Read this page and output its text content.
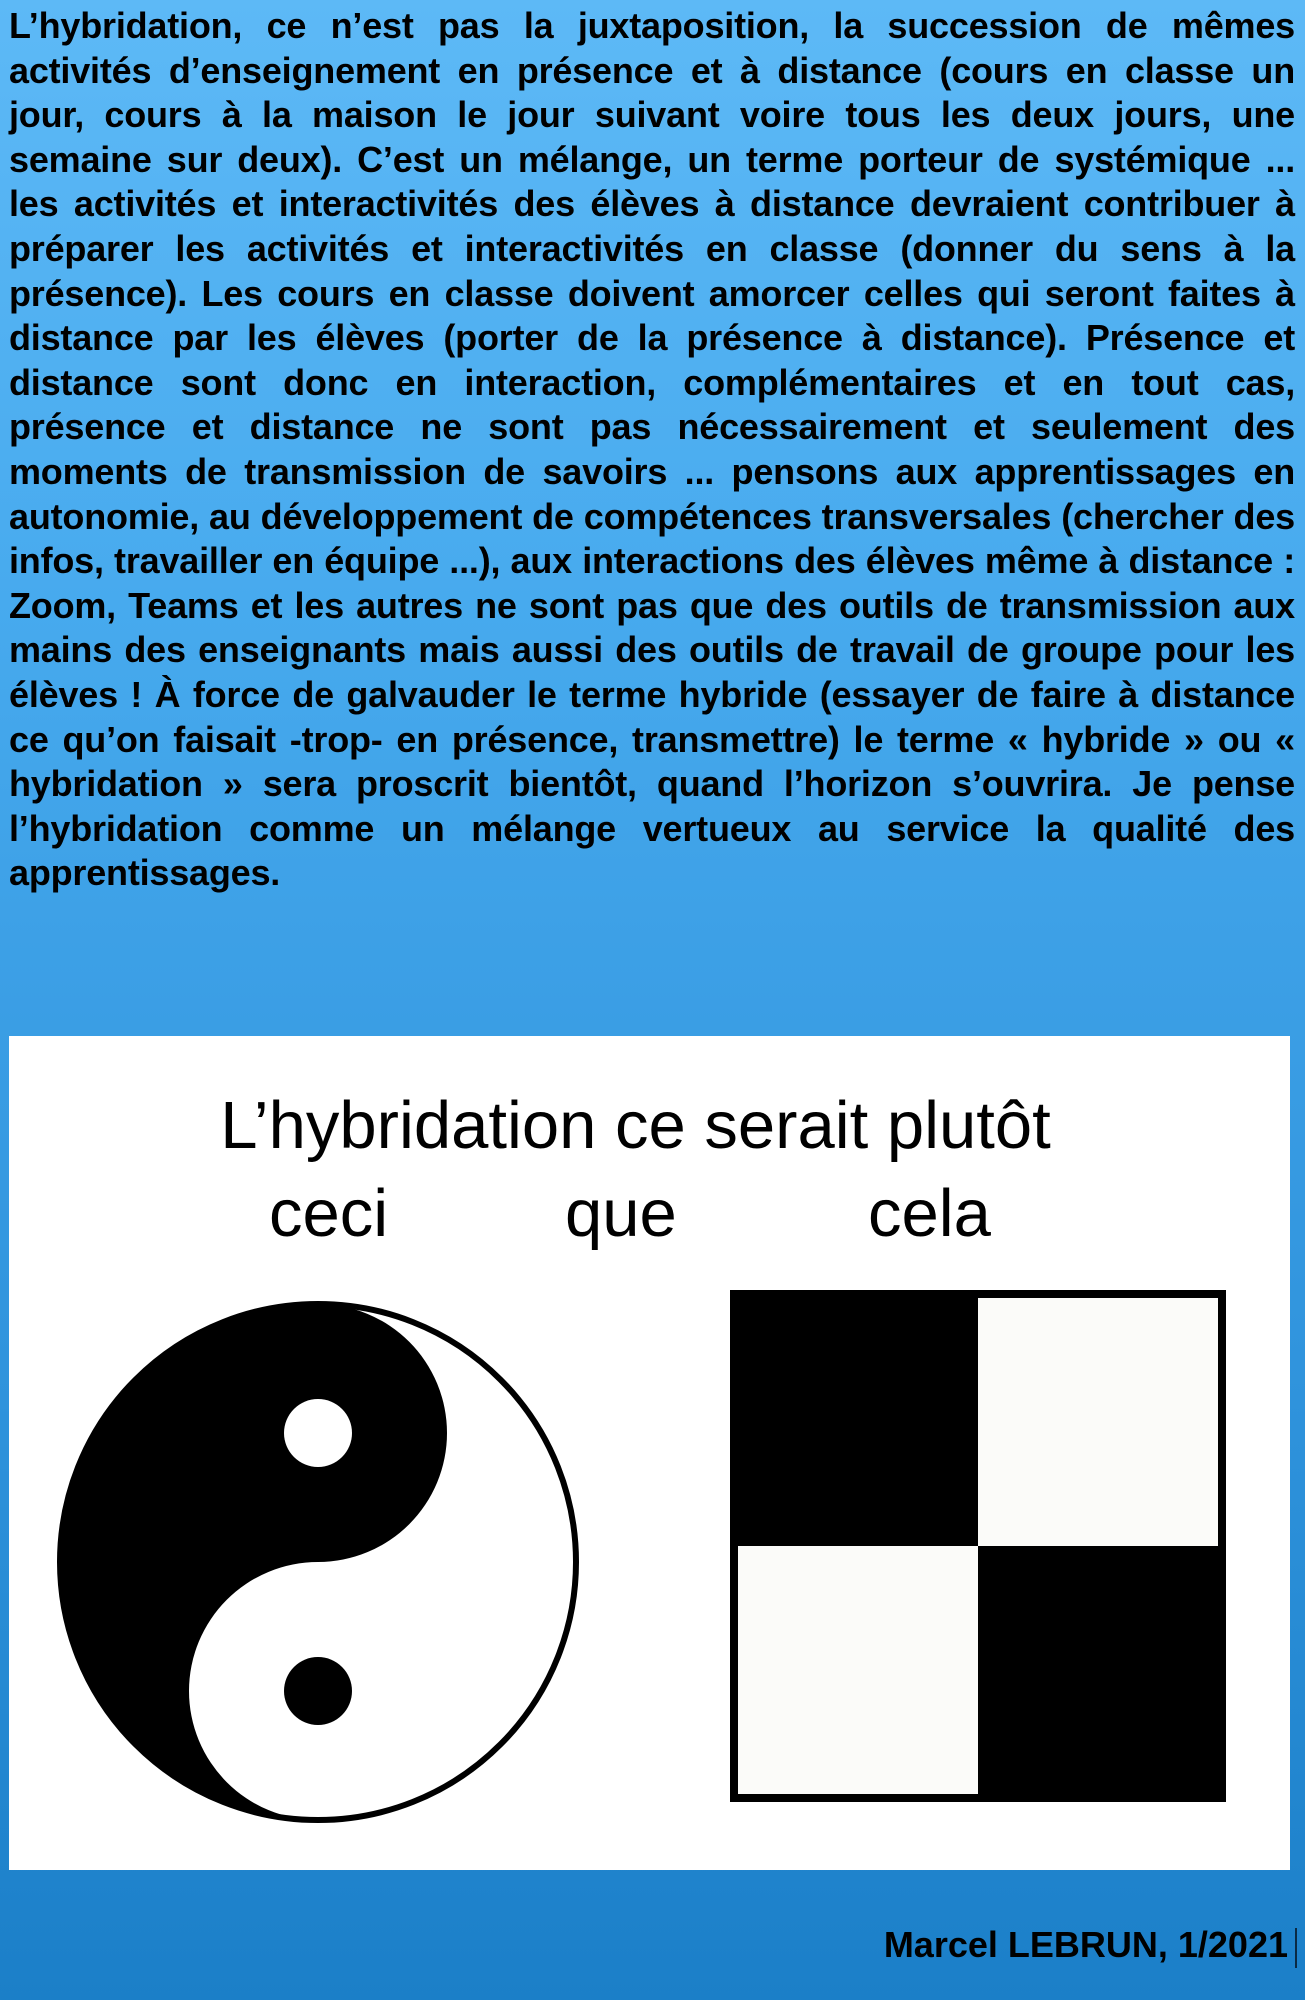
L’hybridation, ce n’est pas la juxtaposition, la succession de mêmes activités d’enseignement en présence et à distance (cours en classe un jour, cours à la maison le jour suivant voire tous les deux jours, une semaine sur deux). C’est un mélange, un terme porteur de systémique ... les activités et interactivités des élèves à distance devraient contribuer à préparer les activités et interactivités en classe (donner du sens à la présence). Les cours en classe doivent amorcer celles qui seront faites à distance par les élèves (porter de la présence à distance). Présence et distance sont donc en interaction, complémentaires et en tout cas, présence et distance ne sont pas nécessairement et seulement des moments de transmission de savoirs ... pensons aux apprentissages en autonomie, au développement de compétences transversales (chercher des infos, travailler en équipe ...), aux interactions des élèves même à distance : Zoom, Teams et les autres ne sont pas que des outils de transmission aux mains des enseignants mais aussi des outils de travail de groupe pour les élèves ! À force de galvauder le terme hybride (essayer de faire à distance ce qu’on faisait -trop- en présence, transmettre) le terme « hybride » ou « hybridation » sera proscrit bientôt, quand l’horizon s’ouvrira. Je pense l’hybridation comme un mélange vertueux au service la qualité des apprentissages.

L’hybridation ce serait plutôt
ceci	que	cela
Marcel LEBRUN, 1/2021
